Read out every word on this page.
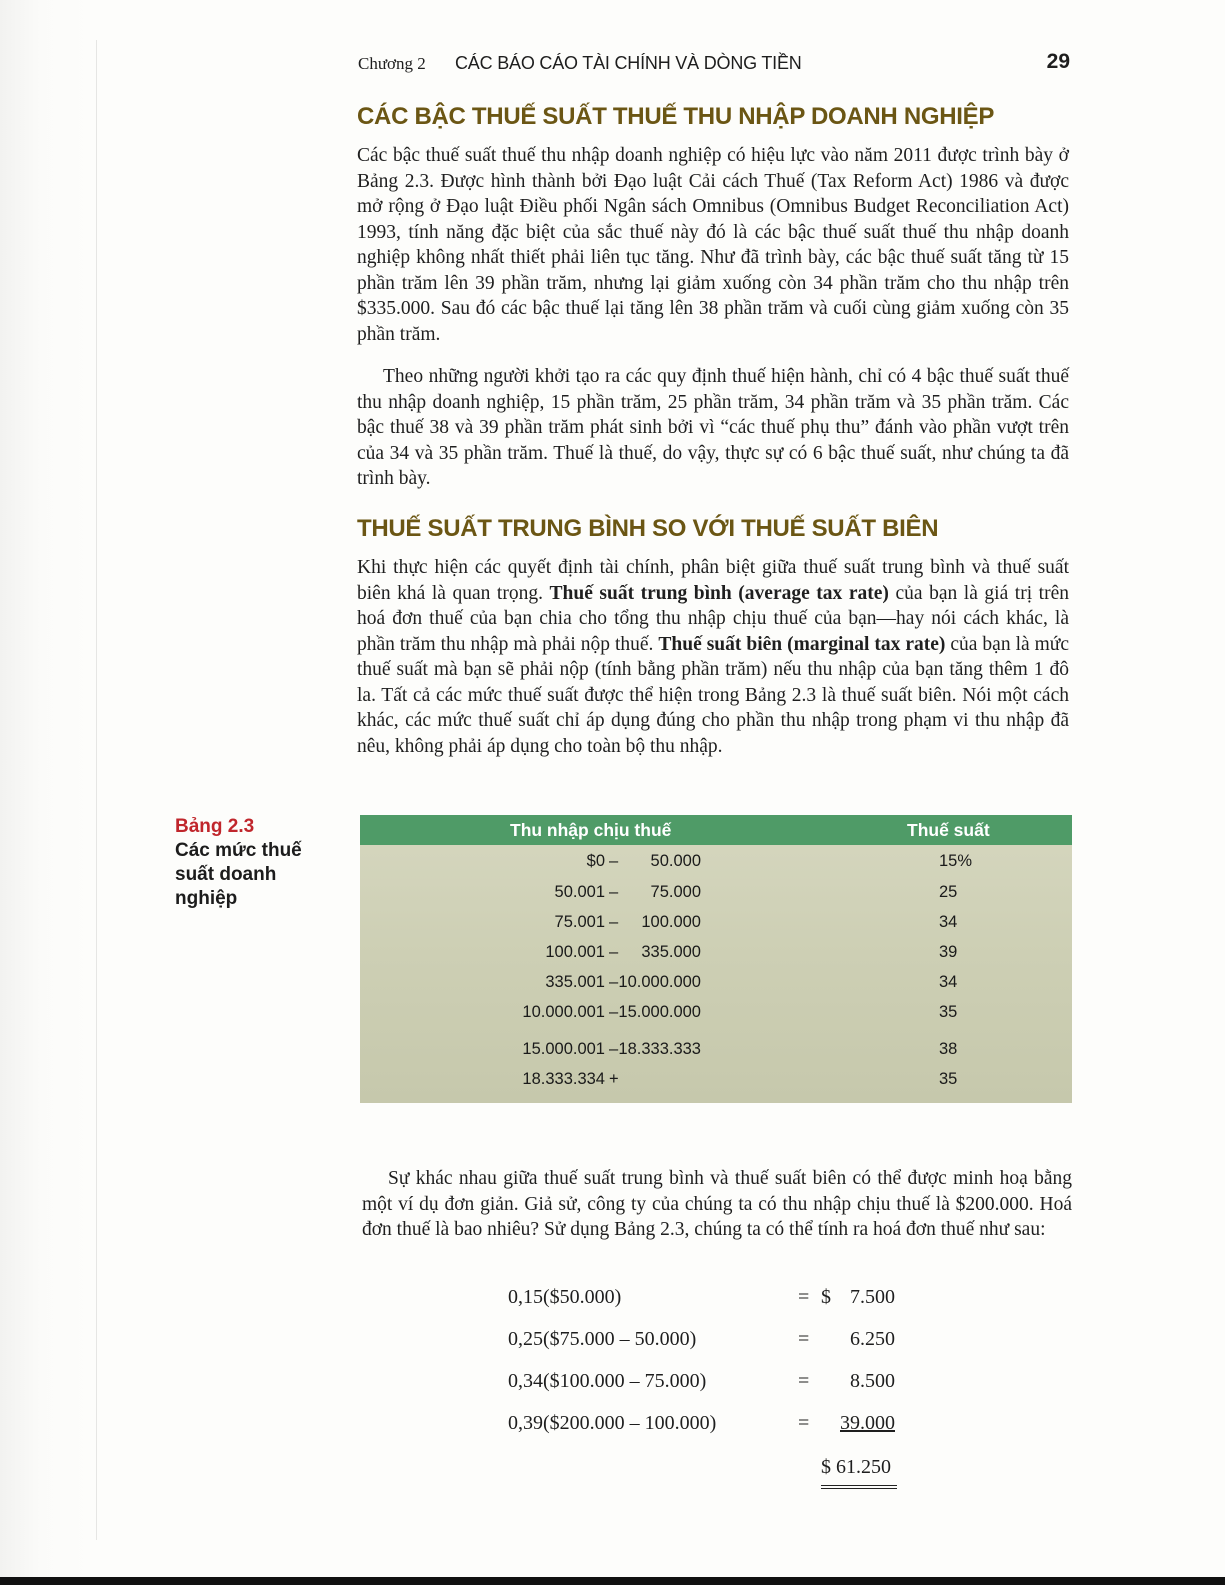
Chương 2 CÁC BÁO CÁO TÀI CHÍNH VÀ DÒNG TIỀN	29
CÁC BẬC THUẾ SUẤT THUẾ THU NHẬP DOANH NGHIỆP

Các bậc thuế suất thuế thu nhập doanh nghiệp có hiệu lực vào năm 2011 được trình bày ở Bảng 2.3. Được hình thành bởi Đạo luật Cải cách Thuế (Tax Reform Act) 1986 và được mở rộng ở Đạo luật Điều phối Ngân sách Omnibus (Omnibus Budget Reconciliation Act) 1993, tính năng đặc biệt của sắc thuế này đó là các bậc thuế suất thuế thu nhập doanh nghiệp không nhất thiết phải liên tục tăng. Như đã trình bày, các bậc thuế suất tăng từ 15 phần trăm lên 39 phần trăm, nhưng lại giảm xuống còn 34 phần trăm cho thu nhập trên $335.000. Sau đó các bậc thuế lại tăng lên 38 phần trăm và cuối cùng giảm xuống còn 35 phần trăm.

Theo những người khởi tạo ra các quy định thuế hiện hành, chỉ có 4 bậc thuế suất thuế thu nhập doanh nghiệp, 15 phần trăm, 25 phần trăm, 34 phần trăm và 35 phần trăm. Các bậc thuế 38 và 39 phần trăm phát sinh bởi vì “các thuế phụ thu” đánh vào phần vượt trên của 34 và 35 phần trăm. Thuế là thuế, do vậy, thực sự có 6 bậc thuế suất, như chúng ta đã trình bày.

THUẾ SUẤT TRUNG BÌNH SO VỚI THUẾ SUẤT BIÊN

Khi thực hiện các quyết định tài chính, phân biệt giữa thuế suất trung bình và thuế suất biên khá là quan trọng. Thuế suất trung bình (average tax rate) của bạn là giá trị trên hoá đơn thuế của bạn chia cho tổng thu nhập chịu thuế của bạn—hay nói cách khác, là phần trăm thu nhập mà phải nộp thuế. Thuế suất biên (marginal tax rate) của bạn là mức thuế suất mà bạn sẽ phải nộp (tính bằng phần trăm) nếu thu nhập của bạn tăng thêm 1 đô la. Tất cả các mức thuế suất được thể hiện trong Bảng 2.3 là thuế suất biên. Nói một cách khác, các mức thuế suất chỉ áp dụng đúng cho phần thu nhập trong phạm vi thu nhập đã nêu, không phải áp dụng cho toàn bộ thu nhập.

Bảng 2.3
Các mức thuế suất doanh nghiệp
Thu nhập chịu thuế	Thuế suất
$0 – 50.000	15%
50.001 – 75.000	25
75.001 – 100.000	34
100.001 – 335.000	39
335.001 – 10.000.000	34
10.000.001 – 15.000.000	35
15.000.001 – 18.333.333	38
18.333.334 +	35

Sự khác nhau giữa thuế suất trung bình và thuế suất biên có thể được minh hoạ bằng một ví dụ đơn giản. Giả sử, công ty của chúng ta có thu nhập chịu thuế là $200.000. Hoá đơn thuế là bao nhiêu? Sử dụng Bảng 2.3, chúng ta có thể tính ra hoá đơn thuế như sau:

0,15($50.000)	= $ 7.500
0,25($75.000 – 50.000)	= 6.250
0,34($100.000 – 75.000)	= 8.500
0,39($200.000 – 100.000)	= 39.000
$ 61.250
